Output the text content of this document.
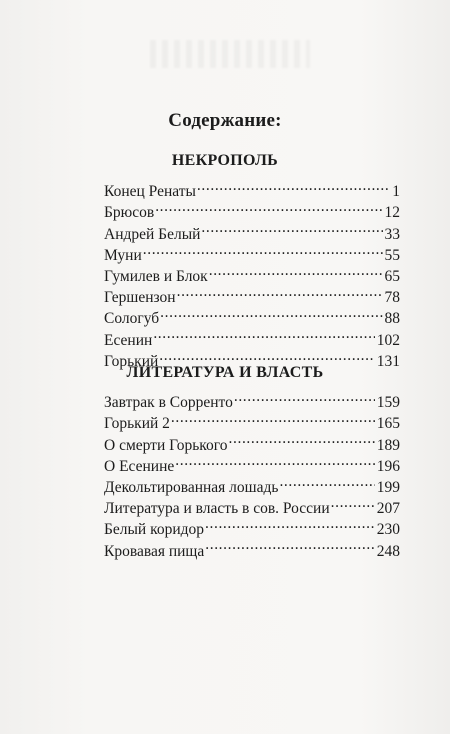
Содержание:
НЕКРОПОЛЬ
Конец Ренаты .....	1
Брюсов .....	12
Андрей Белый .....	33
Муни .....	55
Гумилев и Блок .....	65
Гершензон .....	78
Сологуб .....	88
Есенин .....	102
Горький .....	131
ЛИТЕРАТУРА И ВЛАСТЬ
Завтрак в Сорренто .....	159
Горький 2 .....	165
О смерти Горького .....	189
О Есенине .....	196
Декольтированная лошадь .....	199
Литература и власть в сов. России .....	207
Белый коридор .....	230
Кровавая пища .....	248
